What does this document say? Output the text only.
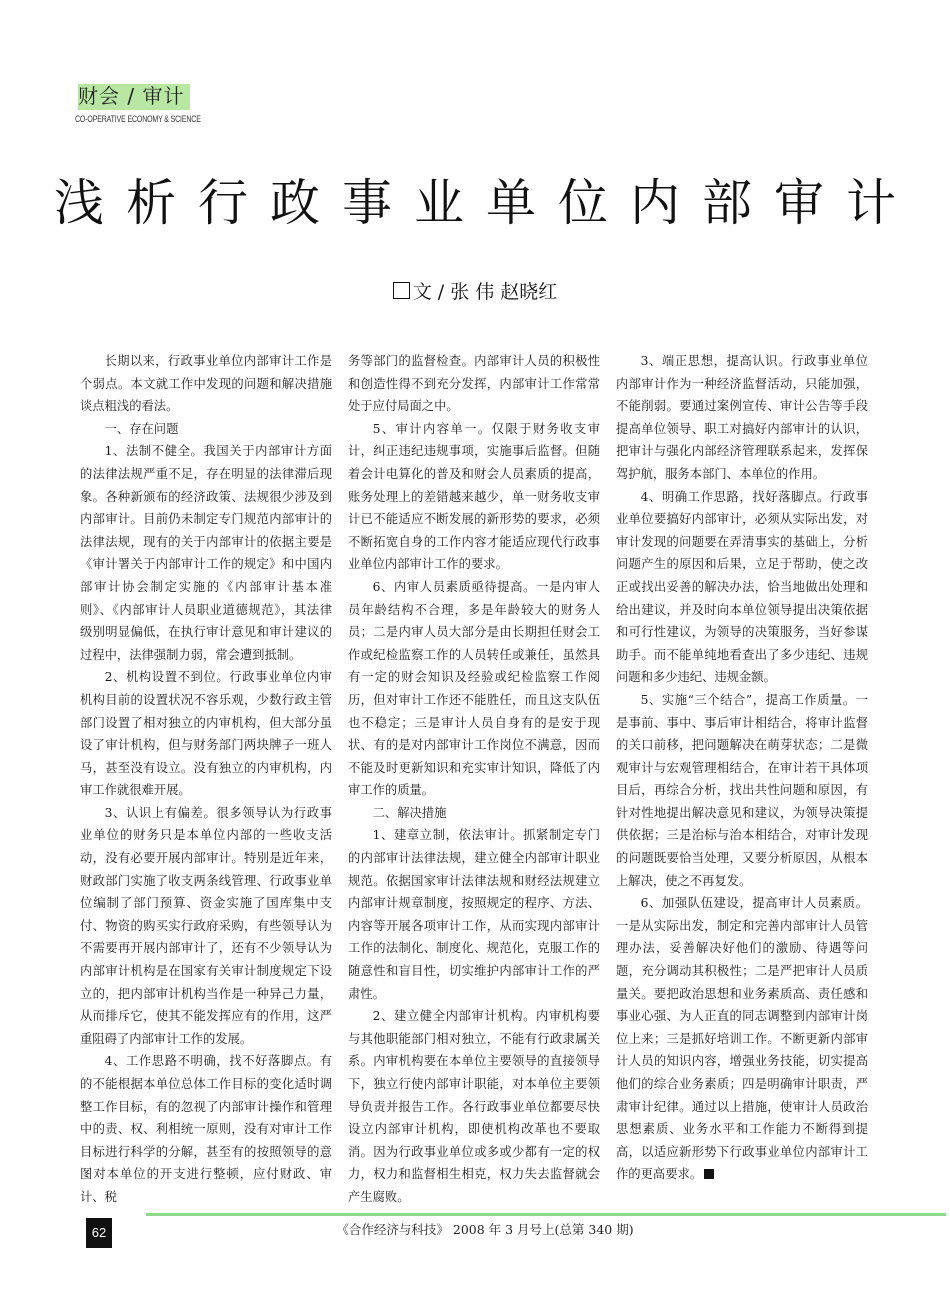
财会 / 审计
CO-OPERATIVE ECONOMY & SCIENCE
浅析行政事业单位内部审计
文 / 张 伟 赵晓红

长期以来，行政事业单位内部审计工作是个弱点。本文就工作中发现的问题和解决措施谈点粗浅的看法。

一、存在问题

1、法制不健全。我国关于内部审计方面的法律法规严重不足，存在明显的法律滞后现象。各种新颁布的经济政策、法规很少涉及到内部审计。目前仍未制定专门规范内部审计的法律法规，现有的关于内部审计的依据主要是《审计署关于内部审计工作的规定》和中国内部审计协会制定实施的《内部审计基本准则》、《内部审计人员职业道德规范》，其法律级别明显偏低，在执行审计意见和审计建议的过程中，法律强制力弱，常会遭到抵制。

2、机构设置不到位。行政事业单位内审机构目前的设置状况不容乐观，少数行政主管部门设置了相对独立的内审机构，但大部分虽设了审计机构，但与财务部门两块牌子一班人马，甚至没有设立。没有独立的内审机构，内审工作就很难开展。

3、认识上有偏差。很多领导认为行政事业单位的财务只是本单位内部的一些收支活动，没有必要开展内部审计。特别是近年来，财政部门实施了收支两条线管理、行政事业单位编制了部门预算、资金实施了国库集中支付、物资的购买实行政府采购，有些领导认为不需要再开展内部审计了，还有不少领导认为内部审计机构是在国家有关审计制度规定下设立的，把内部审计机构当作是一种异己力量，从而排斥它，使其不能发挥应有的作用，这严重阻碍了内部审计工作的发展。

4、工作思路不明确，找不好落脚点。有的不能根据本单位总体工作目标的变化适时调整工作目标，有的忽视了内部审计操作和管理中的责、权、利相统一原则，没有对审计工作目标进行科学的分解，甚至有的按照领导的意图对本单位的开支进行整顿，应付财政、审计、税

务等部门的监督检查。内部审计人员的积极性和创造性得不到充分发挥，内部审计工作常常处于应付局面之中。

5、审计内容单一。仅限于财务收支审计，纠正违纪违规事项，实施事后监督。但随着会计电算化的普及和财会人员素质的提高，账务处理上的差错越来越少，单一财务收支审计已不能适应不断发展的新形势的要求，必须不断拓宽自身的工作内容才能适应现代行政事业单位内部审计工作的要求。

6、内审人员素质亟待提高。一是内审人员年龄结构不合理，多是年龄较大的财务人员；二是内审人员大部分是由长期担任财会工作或纪检监察工作的人员转任或兼任，虽然具有一定的财会知识及经验或纪检监察工作阅历，但对审计工作还不能胜任，而且这支队伍也不稳定；三是审计人员自身有的是安于现状、有的是对内部审计工作岗位不满意，因而不能及时更新知识和充实审计知识，降低了内审工作的质量。

二、解决措施

1、建章立制，依法审计。抓紧制定专门的内部审计法律法规，建立健全内部审计职业规范。依据国家审计法律法规和财经法规建立内部审计规章制度，按照规定的程序、方法、内容等开展各项审计工作，从而实现内部审计工作的法制化、制度化、规范化，克服工作的随意性和盲目性，切实维护内部审计工作的严肃性。

2、建立健全内部审计机构。内审机构要与其他职能部门相对独立，不能有行政隶属关系。内审机构要在本单位主要领导的直接领导下，独立行使内部审计职能，对本单位主要领导负责并报告工作。各行政事业单位都要尽快设立内部审计机构，即使机构改革也不要取消。因为行政事业单位或多或少都有一定的权力，权力和监督相生相克，权力失去监督就会产生腐败。

3、端正思想，提高认识。行政事业单位内部审计作为一种经济监督活动，只能加强，不能削弱。要通过案例宣传、审计公告等手段提高单位领导、职工对搞好内部审计的认识，把审计与强化内部经济管理联系起来，发挥保驾护航，服务本部门、本单位的作用。

4、明确工作思路，找好落脚点。行政事业单位要搞好内部审计，必须从实际出发，对审计发现的问题要在弄清事实的基础上，分析问题产生的原因和后果，立足于帮助，使之改正或找出妥善的解决办法，恰当地做出处理和给出建议，并及时向本单位领导提出决策依据和可行性建议，为领导的决策服务，当好参谋助手。而不能单纯地看查出了多少违纪、违规问题和多少违纪、违规金额。

5、实施“三个结合”，提高工作质量。一是事前、事中、事后审计相结合，将审计监督的关口前移，把问题解决在萌芽状态；二是微观审计与宏观管理相结合，在审计若干具体项目后，再综合分析，找出共性问题和原因，有针对性地提出解决意见和建议，为领导决策提供依据；三是治标与治本相结合，对审计发现的问题既要恰当处理，又要分析原因，从根本上解决，使之不再复发。

6、加强队伍建设，提高审计人员素质。一是从实际出发，制定和完善内部审计人员管理办法，妥善解决好他们的激励、待遇等问题，充分调动其积极性；二是严把审计人员质量关。要把政治思想和业务素质高、责任感和事业心强、为人正直的同志调整到内部审计岗位上来；三是抓好培训工作。不断更新内部审计人员的知识内容，增强业务技能，切实提高他们的综合业务素质；四是明确审计职责，严肃审计纪律。通过以上措施，使审计人员政治思想素质、业务水平和工作能力不断得到提高，以适应新形势下行政事业单位内部审计工作的更高要求。

62	《合作经济与科技》 2008 年 3 月号上(总第 340 期)
